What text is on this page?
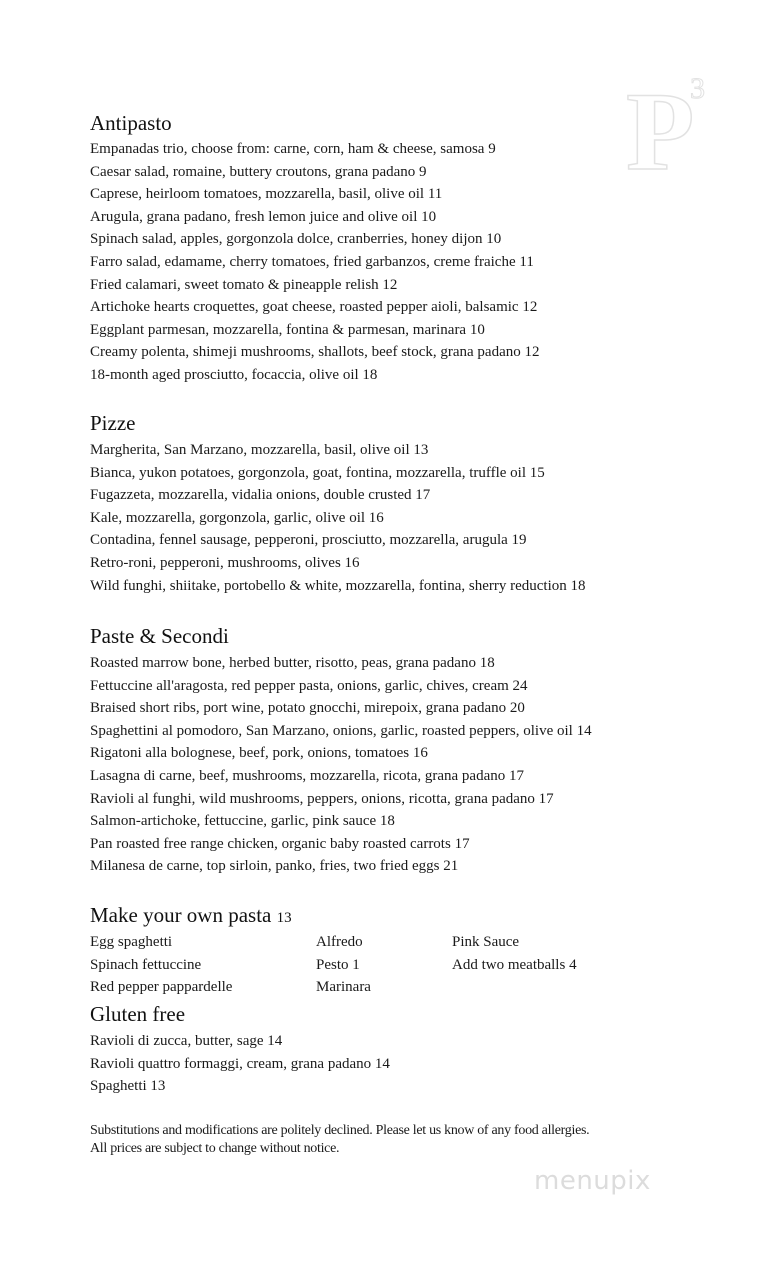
P
3
Antipasto
Empanadas trio, choose from: carne, corn, ham & cheese, samosa 9
Caesar salad, romaine, buttery croutons, grana padano 9
Caprese, heirloom tomatoes, mozzarella, basil, olive oil 11
Arugula, grana padano, fresh lemon juice and olive oil 10
Spinach salad, apples, gorgonzola dolce, cranberries, honey dijon 10
Farro salad, edamame, cherry tomatoes, fried garbanzos, creme fraiche 11
Fried calamari, sweet tomato & pineapple relish 12
Artichoke hearts croquettes, goat cheese, roasted pepper aioli, balsamic 12
Eggplant parmesan, mozzarella, fontina & parmesan, marinara 10
Creamy polenta, shimeji mushrooms, shallots, beef stock, grana padano 12
18-month aged prosciutto, focaccia, olive oil 18
Pizze
Margherita, San Marzano, mozzarella, basil, olive oil 13
Bianca, yukon potatoes, gorgonzola, goat, fontina, mozzarella, truffle oil 15
Fugazzeta, mozzarella, vidalia onions, double crusted 17
Kale, mozzarella, gorgonzola, garlic, olive oil 16
Contadina, fennel sausage, pepperoni, prosciutto, mozzarella, arugula 19
Retro-roni, pepperoni, mushrooms, olives 16
Wild funghi, shiitake, portobello & white, mozzarella, fontina, sherry reduction 18
Paste & Secondi
Roasted marrow bone, herbed butter, risotto, peas, grana padano 18
Fettuccine all'aragosta, red pepper pasta, onions, garlic, chives, cream 24
Braised short ribs, port wine, potato gnocchi, mirepoix, grana padano 20
Spaghettini al pomodoro, San Marzano, onions, garlic, roasted peppers, olive oil 14
Rigatoni alla bolognese, beef, pork, onions, tomatoes 16
Lasagna di carne, beef, mushrooms, mozzarella, ricota, grana padano 17
Ravioli al funghi, wild mushrooms, peppers, onions, ricotta, grana padano 17
Salmon-artichoke, fettuccine, garlic, pink sauce 18
Pan roasted free range chicken, organic baby roasted carrots 17
Milanesa de carne, top sirloin, panko, fries, two fried eggs 21
Make your own pasta 13
Egg spaghetti
Spinach fettuccine
Red pepper pappardelle
Alfredo
Pesto 1
Marinara
Pink Sauce
Add two meatballs 4
Gluten free
Ravioli di zucca, butter, sage 14
Ravioli quattro formaggi, cream, grana padano 14
Spaghetti 13
Substitutions and modifications are politely declined. Please let us know of any food allergies.
All prices are subject to change without notice.
menupix
